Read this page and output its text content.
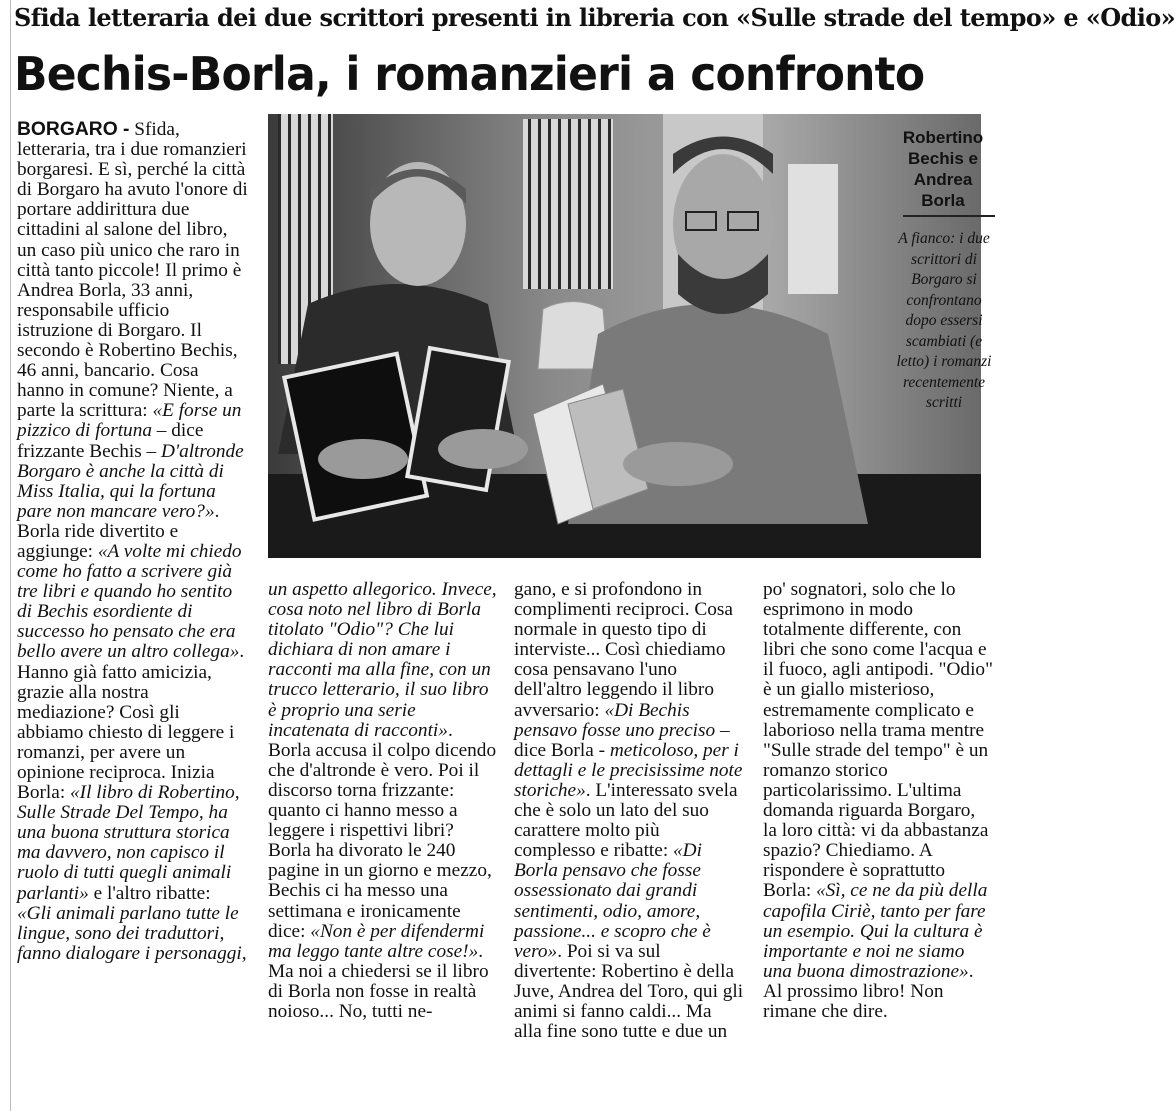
Sfida letteraria dei due scrittori presenti in libreria con «Sulle strade del tempo» e «Odio»
Bechis-Borla, i romanzieri a confronto
Robertino Bechis e Andrea Borla
A fianco: i due scrittori di Borgaro si confrontano dopo essersi scambiati (e letto) i romanzi recentemente scritti

BORGARO - Sfida, letteraria, tra i due romanzieri borgaresi. E sì, perché la città di Borgaro ha avuto l'onore di portare addirittura due cittadini al salone del libro, un caso più unico che raro in città tanto piccole! Il primo è Andrea Borla, 33 anni, responsabile ufficio istruzione di Borgaro. Il secondo è Robertino Bechis, 46 anni, bancario. Cosa hanno in comune? Niente, a parte la scrittura: «E forse un pizzico di fortuna – dice frizzante Bechis – D'altronde Borgaro è anche la città di Miss Italia, qui la fortuna pare non mancare vero?». Borla ride divertito e aggiunge: «A volte mi chiedo come ho fatto a scrivere già tre libri e quando ho sentito di Bechis esordiente di successo ho pensato che era bello avere un altro collega». Hanno già fatto amicizia, grazie alla nostra mediazione? Così gli abbiamo chiesto di leggere i romanzi, per avere un opinione reciproca. Inizia Borla: «Il libro di Robertino, Sulle Strade Del Tempo, ha una buona struttura storica ma davvero, non capisco il ruolo di tutti quegli animali parlanti» e l'altro ribatte: «Gli animali parlano tutte le lingue, sono dei traduttori, fanno dialogare i personaggi,

un aspetto allegorico. Invece, cosa noto nel libro di Borla titolato "Odio"? Che lui dichiara di non amare i racconti ma alla fine, con un trucco letterario, il suo libro è proprio una serie incatenata di racconti». Borla accusa il colpo dicendo che d'altronde è vero. Poi il discorso torna frizzante: quanto ci hanno messo a leggere i rispettivi libri? Borla ha divorato le 240 pagine in un giorno e mezzo, Bechis ci ha messo una settimana e ironicamente dice: «Non è per difendermi ma leggo tante altre cose!». Ma noi a chiedersi se il libro di Borla non fosse in realtà noioso... No, tutti ne-

gano, e si profondono in complimenti reciproci. Cosa normale in questo tipo di interviste... Così chiediamo cosa pensavano l'uno dell'altro leggendo il libro avversario: «Di Bechis pensavo fosse uno preciso – dice Borla - meticoloso, per i dettagli e le precisissime note storiche». L'interessato svela che è solo un lato del suo carattere molto più complesso e ribatte: «Di Borla pensavo che fosse ossessionato dai grandi sentimenti, odio, amore, passione... e scopro che è vero». Poi si va sul divertente: Robertino è della Juve, Andrea del Toro, qui gli animi si fanno caldi... Ma alla fine sono tutte e due un

po' sognatori, solo che lo esprimono in modo totalmente differente, con libri che sono come l'acqua e il fuoco, agli antipodi. "Odio" è un giallo misterioso, estremamente complicato e laborioso nella trama mentre "Sulle strade del tempo" è un romanzo storico particolarissimo. L'ultima domanda riguarda Borgaro, la loro città: vi da abbastanza spazio? Chiediamo. A rispondere è soprattutto Borla: «Sì, ce ne da più della capofila Ciriè, tanto per fare un esempio. Qui la cultura è importante e noi ne siamo una buona dimostrazione». Al prossimo libro! Non rimane che dire.
